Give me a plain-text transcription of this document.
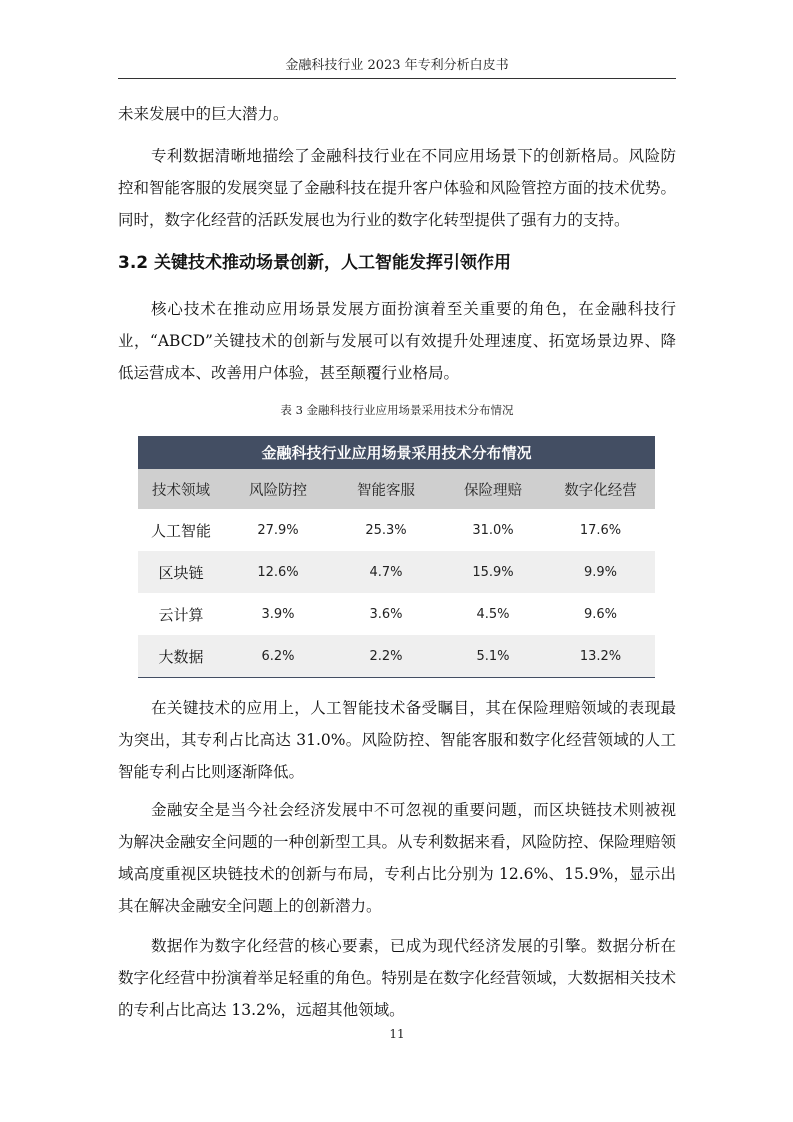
金融科技行业 2023 年专利分析白皮书

未来发展中的巨大潜力。

专利数据清晰地描绘了金融科技行业在不同应用场景下的创新格局。风险防控和智能客服的发展突显了金融科技在提升客户体验和风险管控方面的技术优势。同时，数字化经营的活跃发展也为行业的数字化转型提供了强有力的支持。

3.2 关键技术推动场景创新，人工智能发挥引领作用

核心技术在推动应用场景发展方面扮演着至关重要的角色，在金融科技行业，“ABCD”关键技术的创新与发展可以有效提升处理速度、拓宽场景边界、降低运营成本、改善用户体验，甚至颠覆行业格局。

表 3 金融科技行业应用场景采用技术分布情况
金融科技行业应用场景采用技术分布情况				
技术领域	风险防控	智能客服	保险理赔	数字化经营
人工智能	27.9%	25.3%	31.0%	17.6%
区块链	12.6%	4.7%	15.9%	9.9%
云计算	3.9%	3.6%	4.5%	9.6%
大数据	6.2%	2.2%	5.1%	13.2%

在关键技术的应用上，人工智能技术备受瞩目，其在保险理赔领域的表现最为突出，其专利占比高达 31.0%。风险防控、智能客服和数字化经营领域的人工智能专利占比则逐渐降低。

金融安全是当今社会经济发展中不可忽视的重要问题，而区块链技术则被视为解决金融安全问题的一种创新型工具。从专利数据来看，风险防控、保险理赔领域高度重视区块链技术的创新与布局，专利占比分别为 12.6%、15.9%，显示出其在解决金融安全问题上的创新潜力。

数据作为数字化经营的核心要素，已成为现代经济发展的引擎。数据分析在数字化经营中扮演着举足轻重的角色。特别是在数字化经营领域，大数据相关技术的专利占比高达 13.2%，远超其他领域。

11
